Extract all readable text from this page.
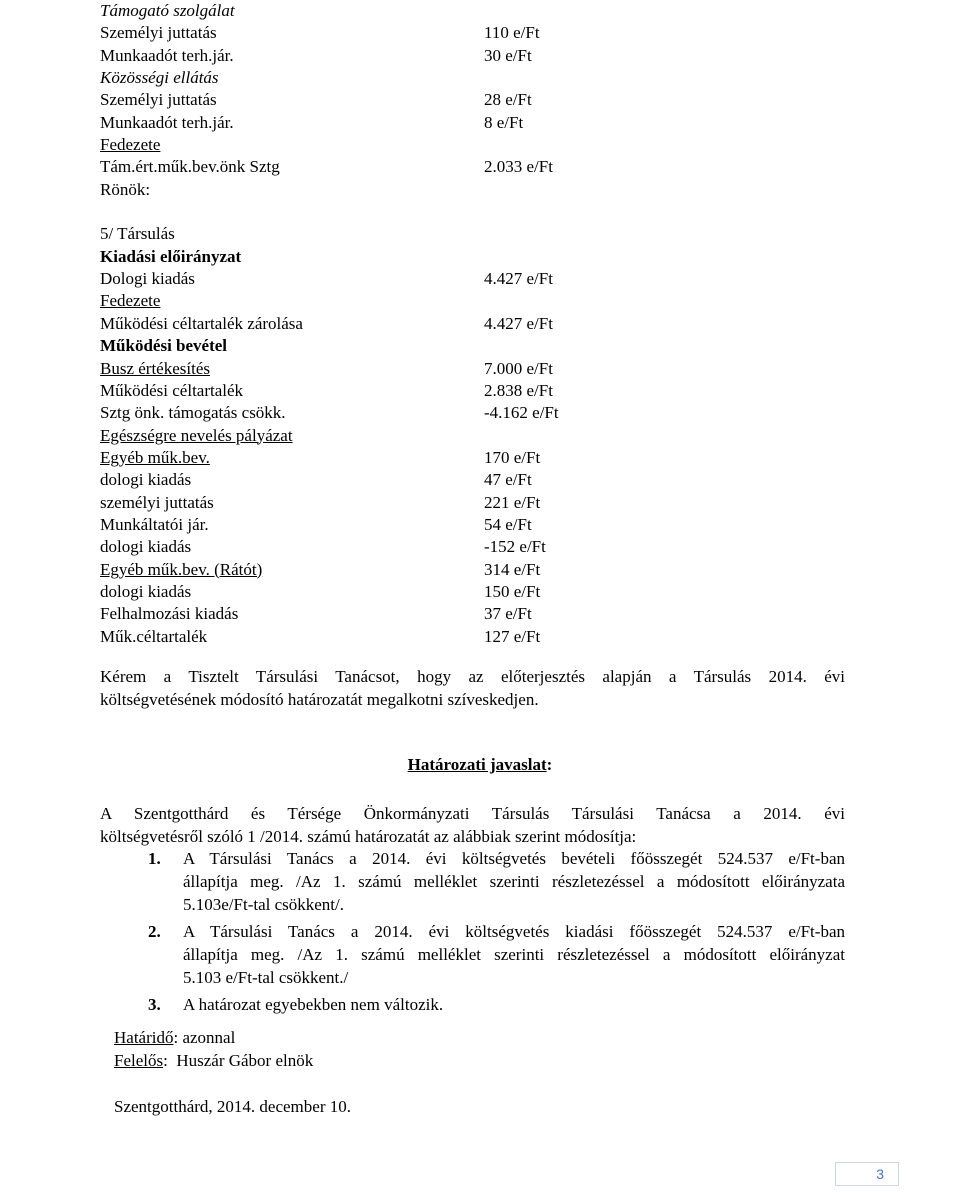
Támogató szolgálat
Személyi juttatás	110 e/Ft
Munkaadót terh.jár.	30 e/Ft
Közösségi ellátás
Személyi juttatás	28 e/Ft
Munkaadót terh.jár.	8 e/Ft
Fedezete
Tám.ért.műk.bev.önk Sztg	2.033 e/Ft
Rönök:
5/ Társulás
Kiadási előirányzat
Dologi kiadás	4.427 e/Ft
Fedezete
Működési céltartalék zárolása	4.427 e/Ft
Működési bevétel
Busz értékesítés	7.000 e/Ft
Működési céltartalék	2.838 e/Ft
Sztg önk. támogatás csökk.	-4.162 e/Ft
Egészségre nevelés pályázat
Egyéb műk.bev.	170 e/Ft
dologi kiadás	47 e/Ft
személyi juttatás	221 e/Ft
Munkáltatói jár.	54 e/Ft
dologi kiadás	-152 e/Ft
Egyéb műk.bev. (Rátót)	314 e/Ft
dologi kiadás	150 e/Ft
Felhalmozási kiadás	37 e/Ft
Műk.céltartalék	127 e/Ft
Kérem a Tisztelt Társulási Tanácsot, hogy az előterjesztés alapján a Társulás 2014. évi
költségvetésének módosító határozatát megalkotni szíveskedjen.
Határozati javaslat:
A Szentgotthárd és Térsége Önkormányzati Társulás Társulási Tanácsa a 2014. évi
költségvetésről szóló 1 /2014. számú határozatát az alábbiak szerint módosítja:
1. A Társulási Tanács a 2014. évi költségvetés bevételi főösszegét 524.537 e/Ft-ban
állapítja meg. /Az 1. számú melléklet szerinti részletezéssel a módosított előirányzata
5.103e/Ft-tal csökkent/.
2. A Társulási Tanács a 2014. évi költségvetés kiadási főösszegét 524.537 e/Ft-ban
állapítja meg. /Az 1. számú melléklet szerinti részletezéssel a módosított előirányzat
5.103 e/Ft-tal csökkent./
3. A határozat egyebekben nem változik.
Határidő: azonnal
Felelős:  Huszár Gábor elnök
Szentgotthárd, 2014. december 10.
3
